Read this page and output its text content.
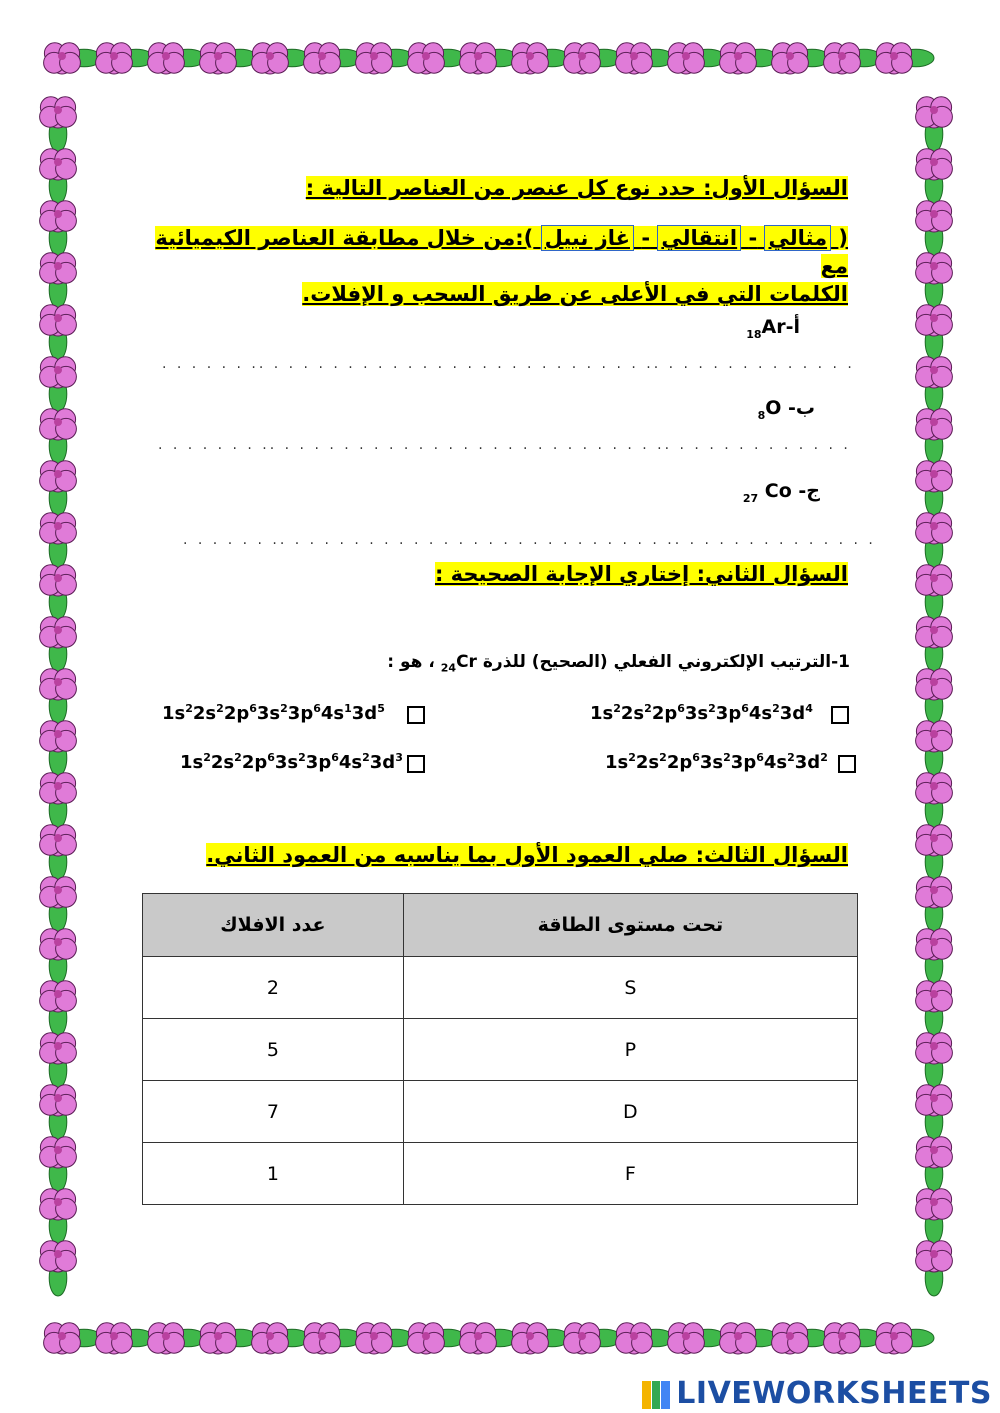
السؤال الأول: حدد نوع كل عنصر من العناصر التالية :
( مثالي - انتقالي - غاز نبيل ):من خلال مطابقة العناصر الكيميائية مع
الكلمات التي في الأعلى عن طريق السحب و الإفلات.
$أ-_{18}Ar$
. . . . . . .. . . . . . . . . . . . . . . . . . . . . . . . . . .. . . . . . . . . . . . . .
ب- $_8$O
. . . . . . . .. . . . . . . . . . . . . . . . . . . . . . . . . . .. . . . . . . . . . . . .
ج- $_{27}$ Co
. . . . . . .. . . . . . . . . . . . . . . . . . . . . . . . . . .. . . . . . . . . . . . . .
السؤال الثاني: إختاري الإجابة الصحيحة :
1-الترتيب الإلكتروني الفعلي (الصحيح) للذرة $_{24}$Cr ، هو :
$1s^22s^22p^63s^23p^64s^23d^4$
$1s^22s^22p^63s^23p^64s^13d^5$
$1s^22s^22p^63s^23p^64s^23d^2$
$1s^22s^22p^63s^23p^64s^23d^3$
السؤال الثالث: صلي العمود الأول بما يناسبه من العمود الثاني.
عدد الافلاك	تحت مستوى الطاقة
2	S
5	P
7	D
1	F
LIVEWORKSHEETS
